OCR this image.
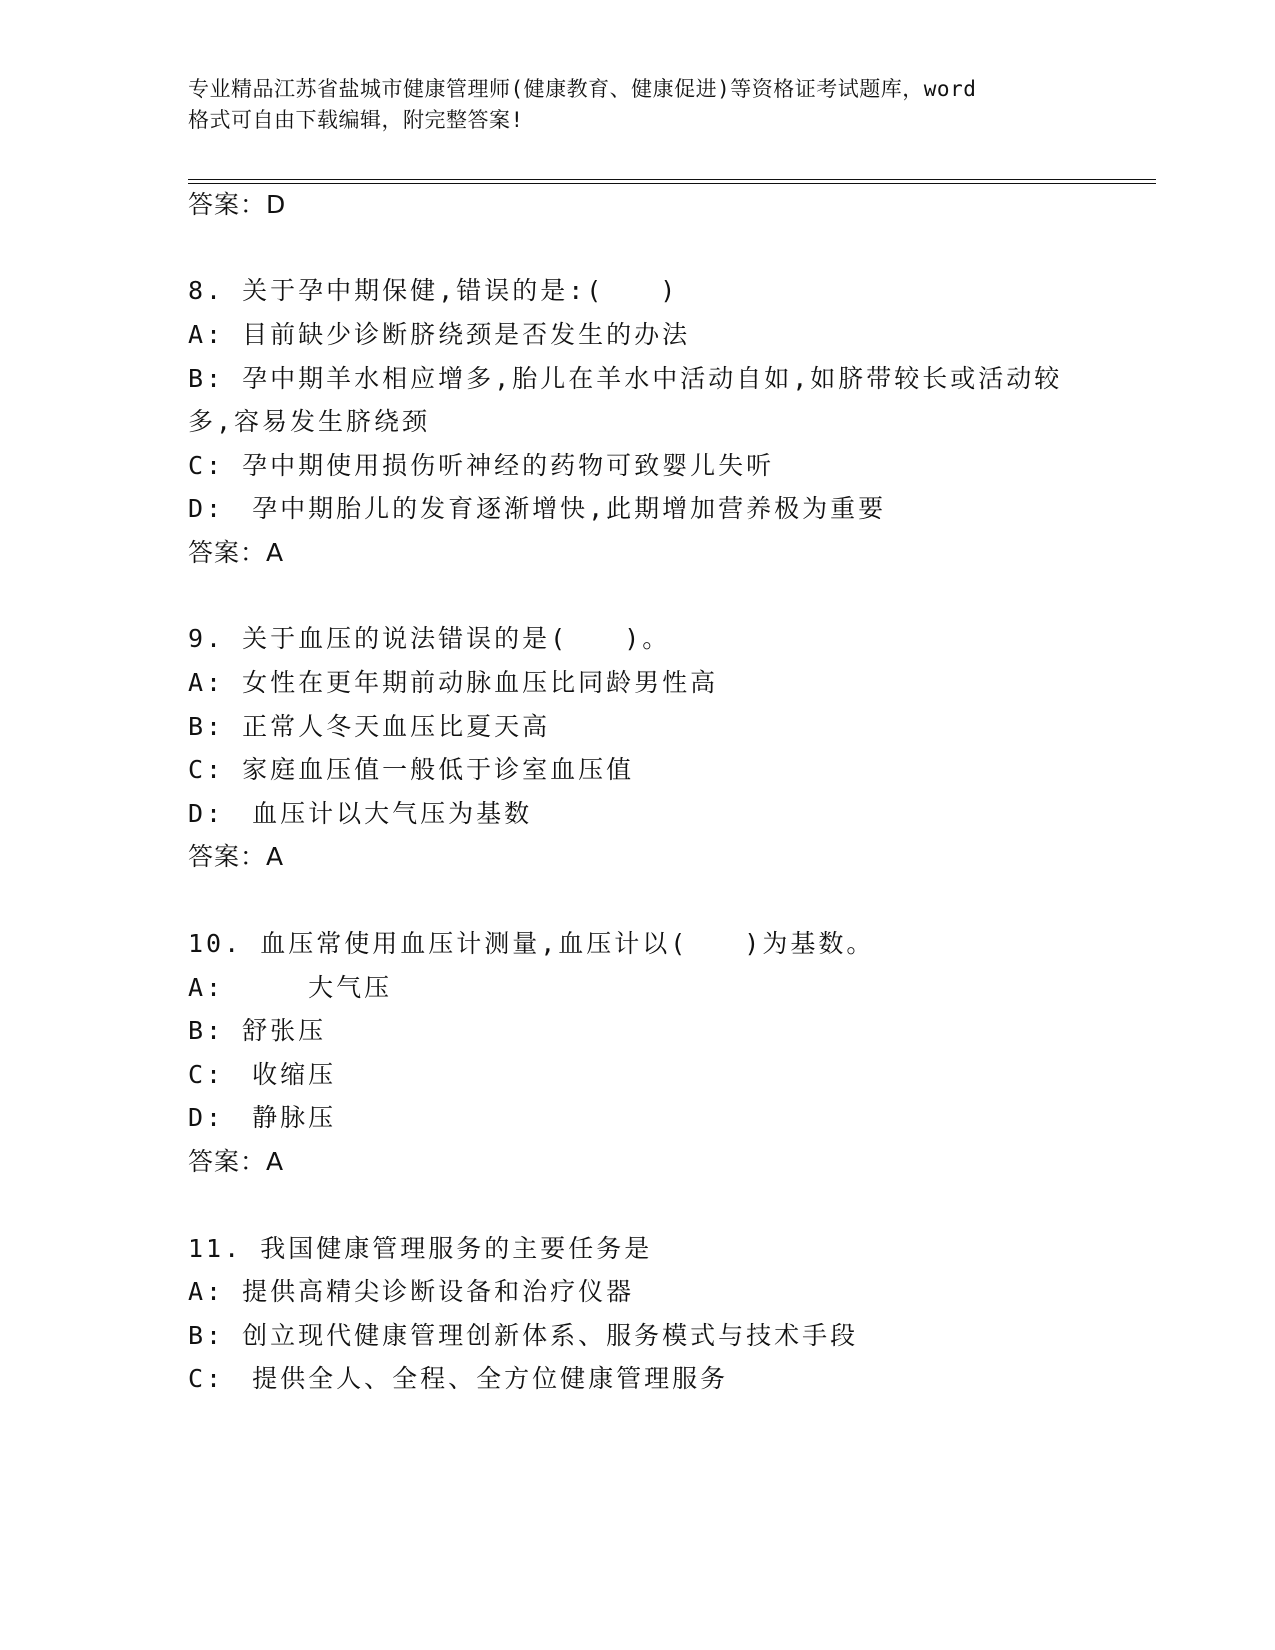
专业精品江苏省盐城市健康管理师(健康教育、健康促进)等资格证考试题库，word
格式可自由下载编辑，附完整答案!
答案：D
8. 关于孕中期保健,错误的是:(　　)
A: 目前缺少诊断脐绕颈是否发生的办法
B: 孕中期羊水相应增多,胎儿在羊水中活动自如,如脐带较长或活动较
多,容易发生脐绕颈
C: 孕中期使用损伤听神经的药物可致婴儿失听
D:　孕中期胎儿的发育逐渐增快,此期增加营养极为重要
答案：A
9. 关于血压的说法错误的是(　　)。
A: 女性在更年期前动脉血压比同龄男性高
B: 正常人冬天血压比夏天高
C: 家庭血压值一般低于诊室血压值
D:　血压计以大气压为基数
答案：A
10. 血压常使用血压计测量,血压计以(　　)为基数。
A:　　　大气压
B: 舒张压
C:　收缩压
D:　静脉压
答案：A
11. 我国健康管理服务的主要任务是
A: 提供高精尖诊断设备和治疗仪器
B: 创立现代健康管理创新体系、服务模式与技术手段
C:　提供全人、全程、全方位健康管理服务
